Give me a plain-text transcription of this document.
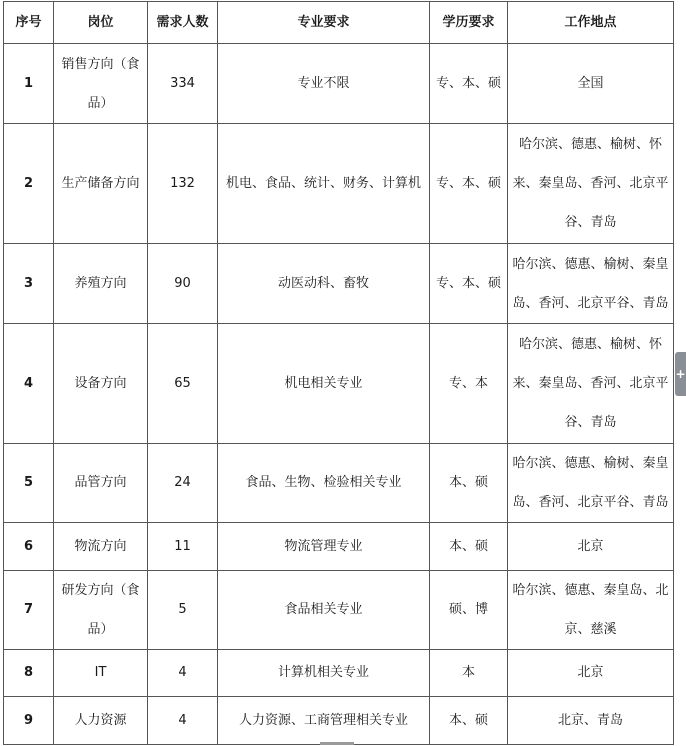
序号	岗位	需求人数	专业要求	学历要求	工作地点
1	销售方向（食品）	334	专业不限	专、本、硕	全国
2	生产储备方向	132	机电、食品、统计、财务、计算机	专、本、硕	哈尔滨、德惠、榆树、怀来、秦皇岛、香河、北京平谷、青岛
3	养殖方向	90	动医动科、畜牧	专、本、硕	哈尔滨、德惠、榆树、秦皇岛、香河、北京平谷、青岛
4	设备方向	65	机电相关专业	专、本	哈尔滨、德惠、榆树、怀来、秦皇岛、香河、北京平谷、青岛
5	品管方向	24	食品、生物、检验相关专业	本、硕	哈尔滨、德惠、榆树、秦皇岛、香河、北京平谷、青岛
6	物流方向	11	物流管理专业	本、硕	北京
7	研发方向（食品）	5	食品相关专业	硕、博	哈尔滨、德惠、秦皇岛、北京、慈溪
8	IT	4	计算机相关专业	本	北京
9	人力资源	4	人力资源、工商管理相关专业	本、硕	北京、青岛
+
